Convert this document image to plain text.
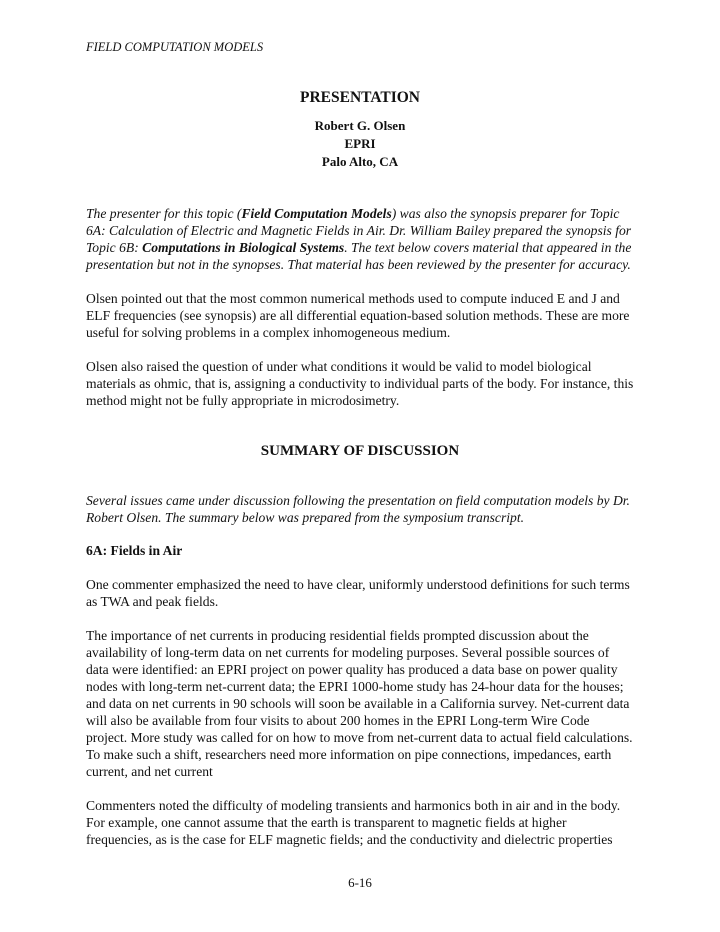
FIELD COMPUTATION MODELS
PRESENTATION
Robert G. Olsen
EPRI
Palo Alto, CA

The presenter for this topic (Field Computation Models) was also the synopsis preparer for Topic 6A: Calculation of Electric and Magnetic Fields in Air. Dr. William Bailey prepared the synopsis for Topic 6B: Computations in Biological Systems. The text below covers material that appeared in the presentation but not in the synopses. That material has been reviewed by the presenter for accuracy.

Olsen pointed out that the most common numerical methods used to compute induced E and J and ELF frequencies (see synopsis) are all differential equation-based solution methods. These are more useful for solving problems in a complex inhomogeneous medium.

Olsen also raised the question of under what conditions it would be valid to model biological materials as ohmic, that is, assigning a conductivity to individual parts of the body. For instance, this method might not be fully appropriate in microdosimetry.

SUMMARY OF DISCUSSION

Several issues came under discussion following the presentation on field computation models by Dr. Robert Olsen. The summary below was prepared from the symposium transcript.

6A: Fields in Air

One commenter emphasized the need to have clear, uniformly understood definitions for such terms as TWA and peak fields.

The importance of net currents in producing residential fields prompted discussion about the availability of long-term data on net currents for modeling purposes. Several possible sources of data were identified: an EPRI project on power quality has produced a data base on power quality nodes with long-term net-current data; the EPRI 1000-home study has 24-hour data for the houses; and data on net currents in 90 schools will soon be available in a California survey. Net-current data will also be available from four visits to about 200 homes in the EPRI Long-term Wire Code project. More study was called for on how to move from net-current data to actual field calculations. To make such a shift, researchers need more information on pipe connections, impedances, earth current, and net current

Commenters noted the difficulty of modeling transients and harmonics both in air and in the body. For example, one cannot assume that the earth is transparent to magnetic fields at higher frequencies, as is the case for ELF magnetic fields; and the conductivity and dielectric properties

6-16
